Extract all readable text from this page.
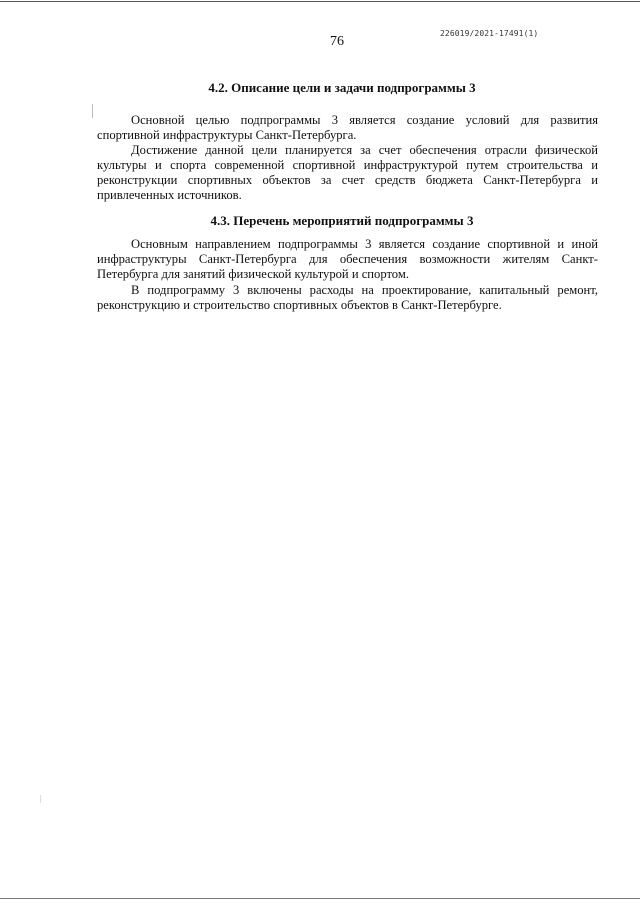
76
226019/2021-17491(1)
4.2. Описание цели и задачи подпрограммы 3

Основной целью подпрограммы 3 является создание условий для развития спортивной инфраструктуры Санкт-Петербурга.

Достижение данной цели планируется за счет обеспечения отрасли физической культуры и спорта современной спортивной инфраструктурой путем строительства и реконструкции спортивных объектов за счет средств бюджета Санкт-Петербурга и привлеченных источников.

4.3. Перечень мероприятий подпрограммы 3

Основным направлением подпрограммы 3 является создание спортивной и иной инфраструктуры Санкт-Петербурга для обеспечения возможности жителям Санкт-Петербурга для занятий физической культурой и спортом.

В подпрограмму 3 включены расходы на проектирование, капитальный ремонт, реконструкцию и строительство спортивных объектов в Санкт-Петербурге.
